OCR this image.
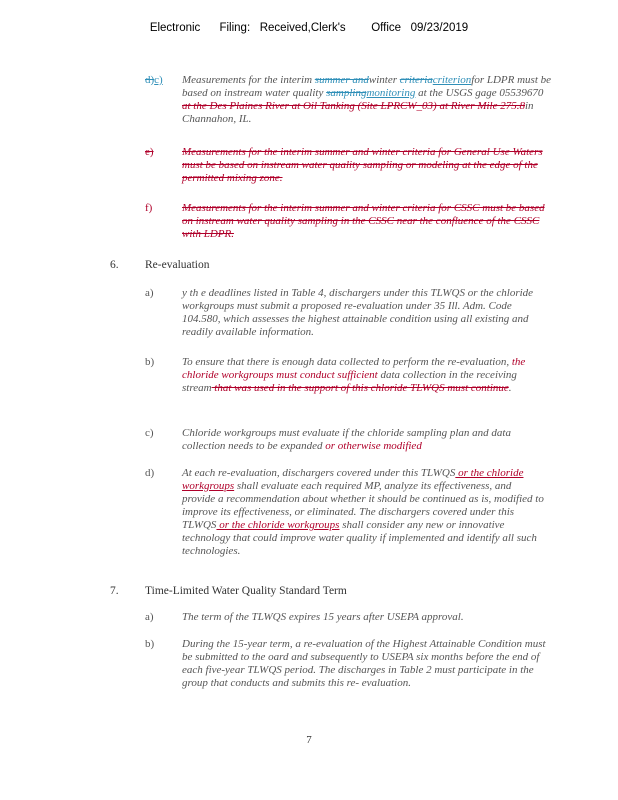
Electronic      Filing:   Received,Clerk's        Office   09/23/2019
d)c) Measurements for the interim summer andwinter criteriacriterionfor LDPR must be based on instream water quality samplingmonitoring at the USGS gage 05539670 at the Des Plaines River at Oil Tanking (Site LPRCW_03) at River Mile 275.8in Channahon, IL.
e)	Measurements for the interim summer and winter criteria for General Use Waters must be based on instream water quality sampling or modeling at the edge of the permitted mixing zone.
f)	Measurements for the interim summer and winter criteria for CSSC must be based on instream water quality sampling in the CSSC near the confluence of the CSSC with LDPR.
6. Re-evaluation
a)	y th e deadlines listed in Table 4, dischargers under this TLWQS or the chloride workgroups must submit a proposed re-evaluation under 35 Ill. Adm. Code 104.580, which assesses the highest attainable condition using all existing and readily available information.
b)	To ensure that there is enough data collected to perform the re-evaluation, the chloride workgroups must conduct sufficient data collection in the receiving stream that was used in the support of this chloride TLWQS must continue.
c)	Chloride workgroups must evaluate if the chloride sampling plan and data collection needs to be expanded or otherwise modified
d)	At each re-evaluation, dischargers covered under this TLWQS or the chloride workgroups shall evaluate each required MP, analyze its effectiveness, and provide a recommendation about whether it should be continued as is, modified to improve its effectiveness, or eliminated. The dischargers covered under this TLWQS or the chloride workgroups shall consider any new or innovative technology that could improve water quality if implemented and identify all such technologies.
7. Time-Limited Water Quality Standard Term
a)	The term of the TLWQS expires 15 years after USEPA approval.
b)	During the 15-year term, a re-evaluation of the Highest Attainable Condition must be submitted to the oard and subsequently to USEPA six months before the end of each five-year TLWQS period. The discharges in Table 2 must participate in the group that conducts and submits this re- evaluation.
7
